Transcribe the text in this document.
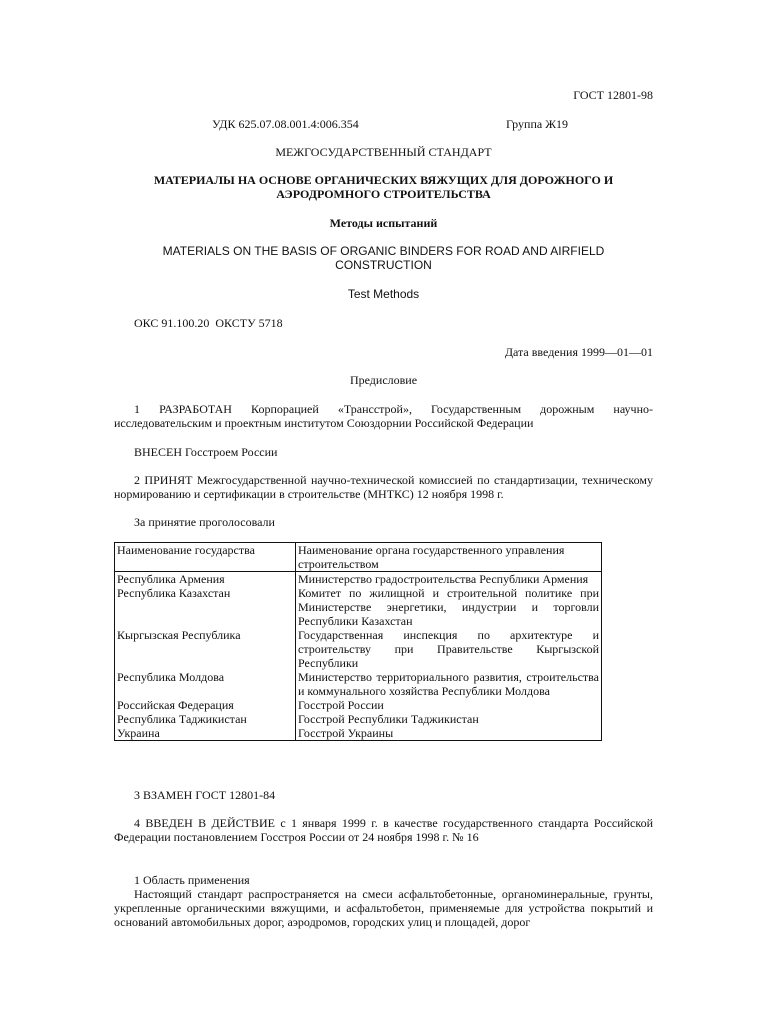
ГОСТ 12801-98
УДК 625.07.08.001.4:006.354	Группа Ж19
МЕЖГОСУДАРСТВЕННЫЙ СТАНДАРТ
МАТЕРИАЛЫ НА ОСНОВЕ ОРГАНИЧЕСКИХ ВЯЖУЩИХ ДЛЯ ДОРОЖНОГО И
АЭРОДРОМНОГО СТРОИТЕЛЬСТВА
Методы испытаний
MATERIALS ON THE BASIS OF ORGANIC BINDERS FOR ROAD AND AIRFIELD
CONSTRUCTION
Test Methods
ОКС 91.100.20  ОКСТУ 5718
Дата введения 1999—01—01
Предисловие
1 РАЗРАБОТАН Корпорацией «Трансстрой», Государственным дорожным научно-исследовательским и проектным институтом Союздорнии Российской Федерации
ВНЕСЕН Госстроем России
2 ПРИНЯТ Межгосударственной научно-технической комиссией по стандартизации, техническому нормированию и сертификации в строительстве (МНТКС) 12 ноября 1998 г.
За принятие проголосовали
Наименование государства	Наименование органа государственного управления строительством
Республика Армения	Министерство градостроительства Республики Армения
Республика Казахстан	Комитет по жилищной и строительной политике при Министерстве энергетики, индустрии и торговли Республики Казахстан
Кыргызская Республика	Государственная инспекция по архитектуре и строительству при Правительстве Кыргызской Республики
Республика Молдова	Министерство территориального развития, строительства и коммунального хозяйства Республики Молдова
Российская Федерация	Госстрой России
Республика Таджикистан	Госстрой Республики Таджикистан
Украина	Госстрой Украины
3 ВЗАМЕН ГОСТ 12801-84
4 ВВЕДЕН В ДЕЙСТВИЕ с 1 января 1999 г. в качестве государственного стандарта Российской Федерации постановлением Госстроя России от 24 ноября 1998 г. № 16
1 Область применения
Настоящий стандарт распространяется на смеси асфальтобетонные, органоминеральные, грунты, укрепленные органическими вяжущими, и асфальтобетон, применяемые для устройства покрытий и оснований автомобильных дорог, аэродромов, городских улиц и площадей, дорог
